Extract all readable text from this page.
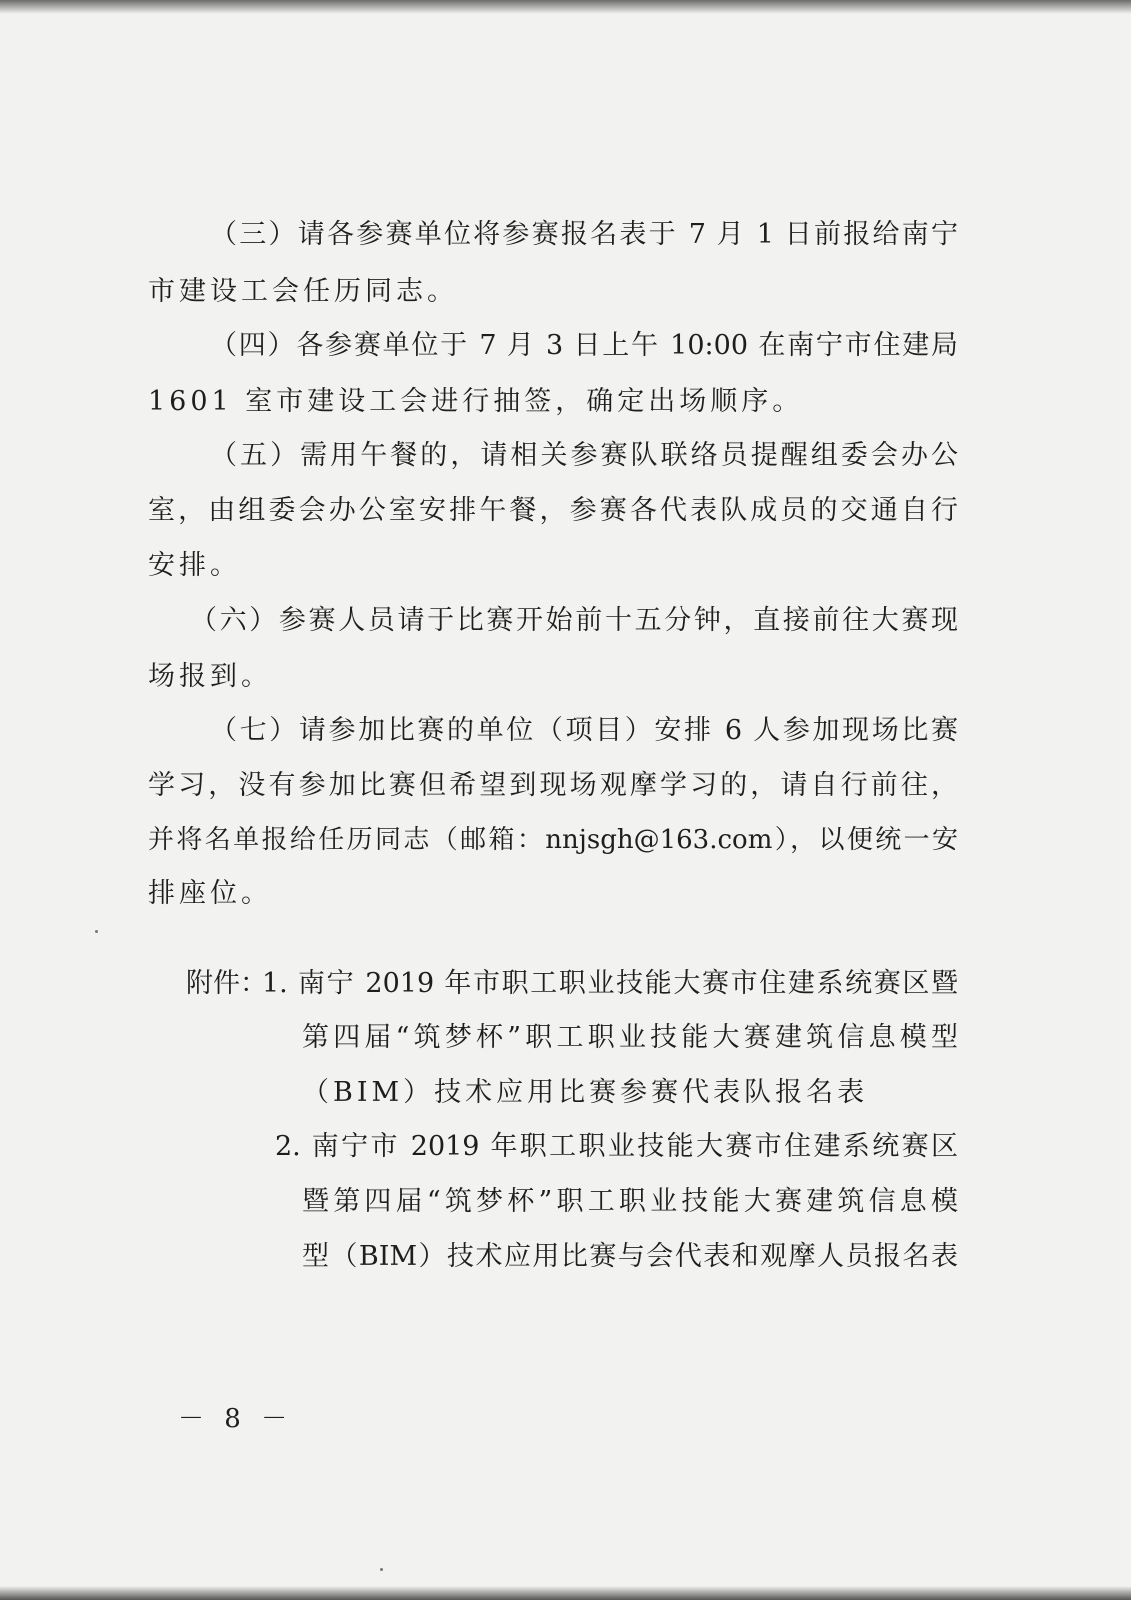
（三）请各参赛单位将参赛报名表于 7 月 1 日前报给南宁

市建设工会任历同志。

（四）各参赛单位于 7 月 3 日上午 10:00 在南宁市住建局

1601 室市建设工会进行抽签，确定出场顺序。

（五）需用午餐的，请相关参赛队联络员提醒组委会办公

室，由组委会办公室安排午餐，参赛各代表队成员的交通自行

安排。

（六）参赛人员请于比赛开始前十五分钟，直接前往大赛现

场报到。

（七）请参加比赛的单位（项目）安排 6 人参加现场比赛

学习，没有参加比赛但希望到现场观摩学习的，请自行前往，

并将名单报给任历同志（邮箱：nnjsgh@163.com），以便统一安

排座位。

附件：

1. 南宁 2019 年市职工职业技能大赛市住建系统赛区暨

第四届“筑梦杯”职工职业技能大赛建筑信息模型

（BIM）技术应用比赛参赛代表队报名表

2. 南宁市 2019 年职工职业技能大赛市住建系统赛区

暨第四届“筑梦杯”职工职业技能大赛建筑信息模

型（BIM）技术应用比赛与会代表和观摩人员报名表

－ 8 －
